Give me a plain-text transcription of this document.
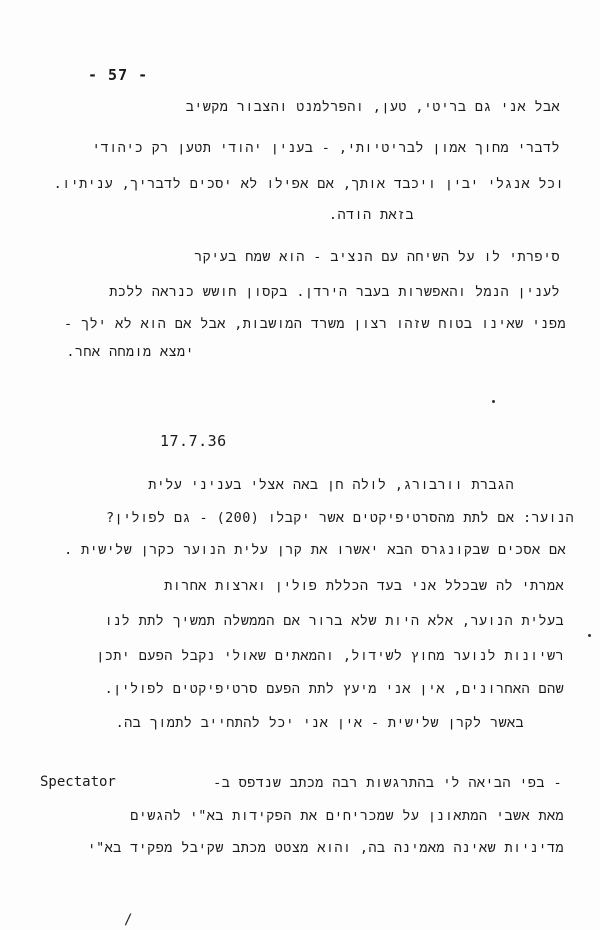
- 57 -
אבל אני גם בריטי, טען, והפרלמנט והצבור מקשיב
לדברי מחוך אמון לבריטיותי, - בענין יהודי תטען רק כיהודי
וכל אנגלי יבין ויכבד אותך, אם אפילו לא יסכים לדבריך, עניתיו.
בזאת הודה.
סיפרתי לו על השיחה עם הנציב - הוא שמח בעיקר
לענין הנמל והאפשרות בעבר הירדן. בקסון חושש כנראה ללכת
מפני שאינו בטוח שזהו רצון משרד המושבות, אבל אם הוא לא ילך -
ימצא מומחה אחר.
17.7.36
הגברת וורבורג, לולה חן באה אצלי בעניני עלית
הנוער: אם לתת מהסרטיפיקטים אשר יקבלו (200) - גם לפולין?
אם אסכים שבקונגרס הבא יאשרו את קרן עלית הנוער כקרן שלישית .
אמרתי לה שבכלל אני בעד הכללת פולין וארצות אחרות
בעלית הנוער, אלא היות שלא ברור אם הממשלה תמשיך לתת לנו
רשיונות לנוער מחוץ לשידול, והמאתים שאולי נקבל הפעם יתכן
שהם האחרונים, אין אני מיעץ לתת הפעם סרטיפיקטים לפולין.
באשר לקרן שלישית - אין אני יכל להתחייב לתמוך בה.
Spectator	- בפי הביאה לי בהתרגשות רבה מכתב שנדפס ב-
מאת אשבי המתאונן על שמכריחים את הפקידות בא"י להגשים
מדיניות שאינה מאמינה בה, והוא מצטט מכתב שקיבל מפקיד בא"י
/
